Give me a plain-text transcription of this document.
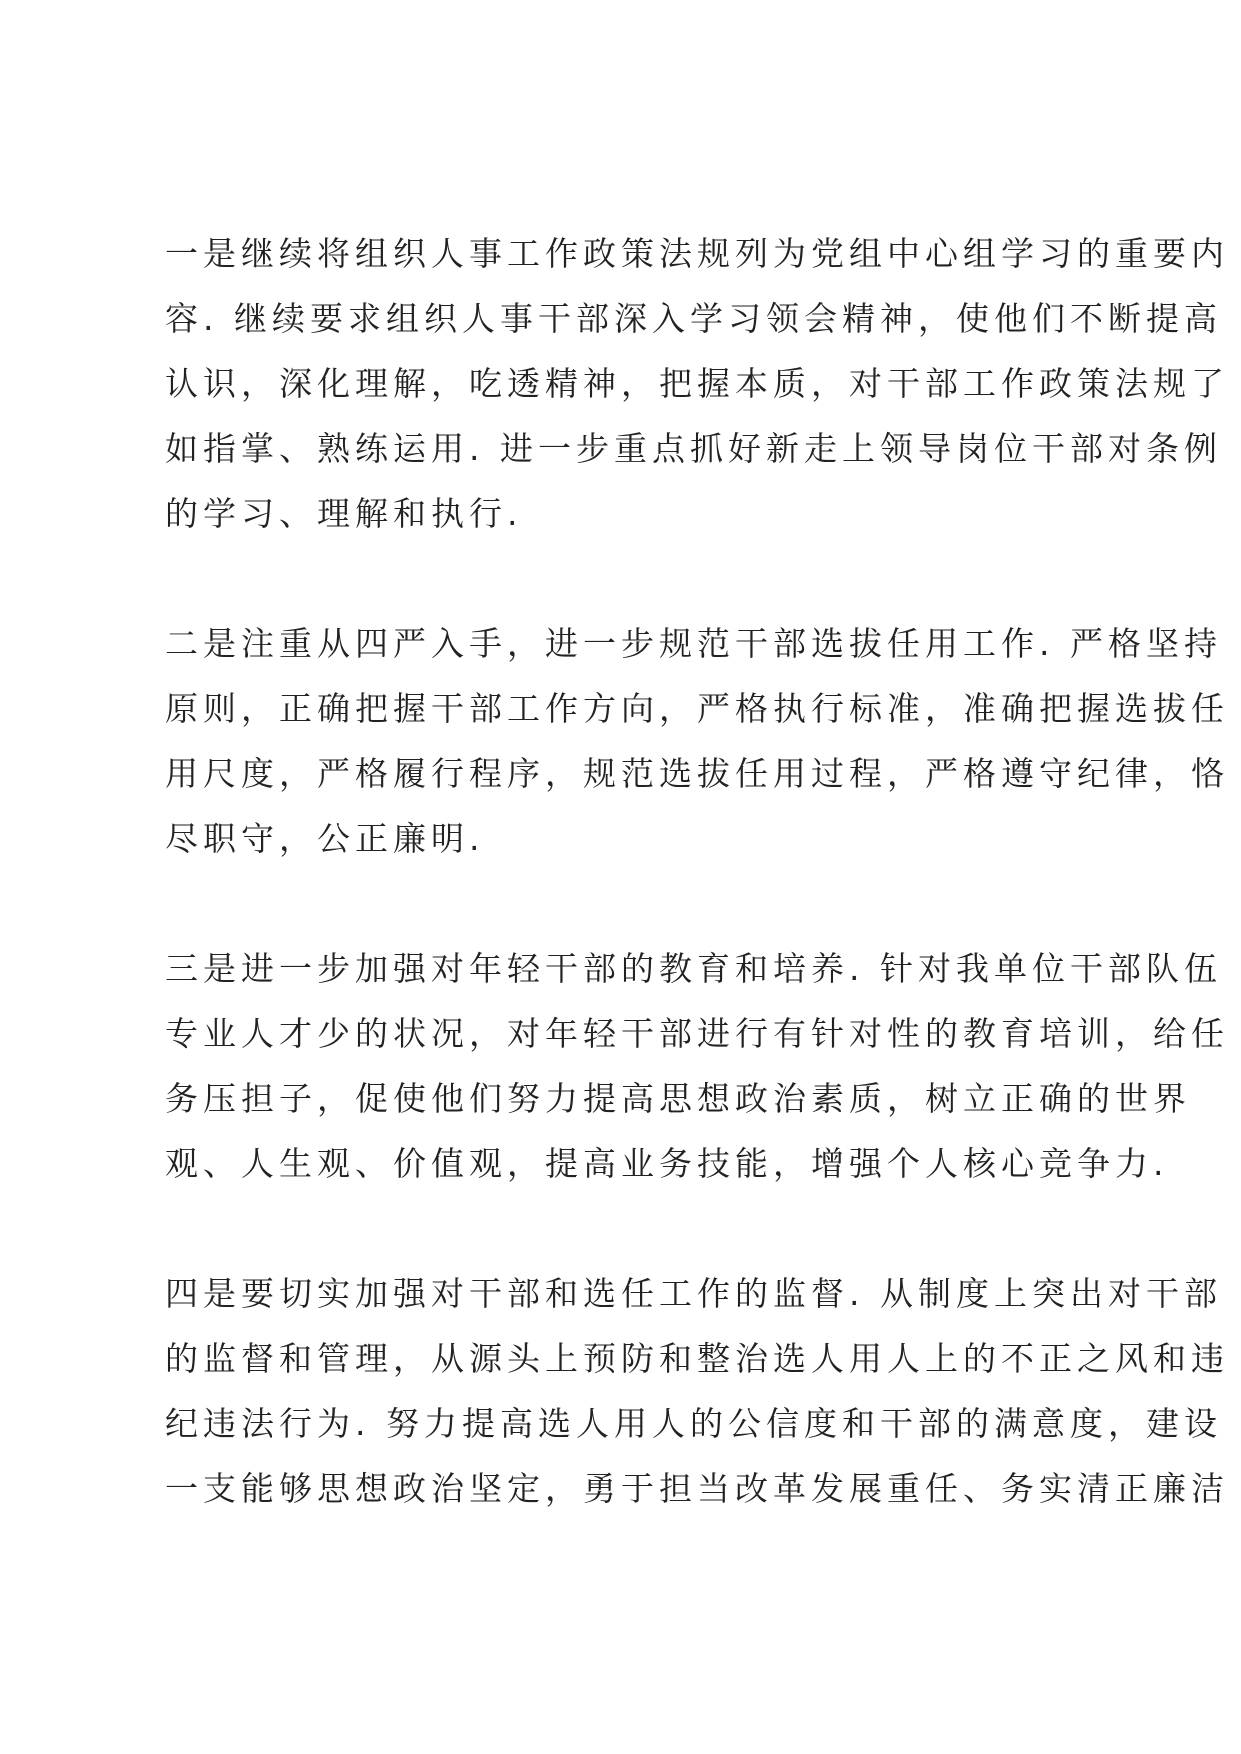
一是继续将组织人事工作政策法规列为党组中心组学习的重要内
容. 继续要求组织人事干部深入学习领会精神，使他们不断提高
认识，深化理解，吃透精神，把握本质，对干部工作政策法规了
如指掌、熟练运用. 进一步重点抓好新走上领导岗位干部对条例
的学习、理解和执行.
二是注重从四严入手，进一步规范干部选拔任用工作. 严格坚持
原则，正确把握干部工作方向，严格执行标准，准确把握选拔任
用尺度，严格履行程序，规范选拔任用过程，严格遵守纪律，恪
尽职守，公正廉明.
三是进一步加强对年轻干部的教育和培养. 针对我单位干部队伍
专业人才少的状况，对年轻干部进行有针对性的教育培训，给任
务压担子，促使他们努力提高思想政治素质，树立正确的世界
观、人生观、价值观，提高业务技能，增强个人核心竞争力.
四是要切实加强对干部和选任工作的监督. 从制度上突出对干部
的监督和管理，从源头上预防和整治选人用人上的不正之风和违
纪违法行为. 努力提高选人用人的公信度和干部的满意度，建设
一支能够思想政治坚定，勇于担当改革发展重任、务实清正廉洁
